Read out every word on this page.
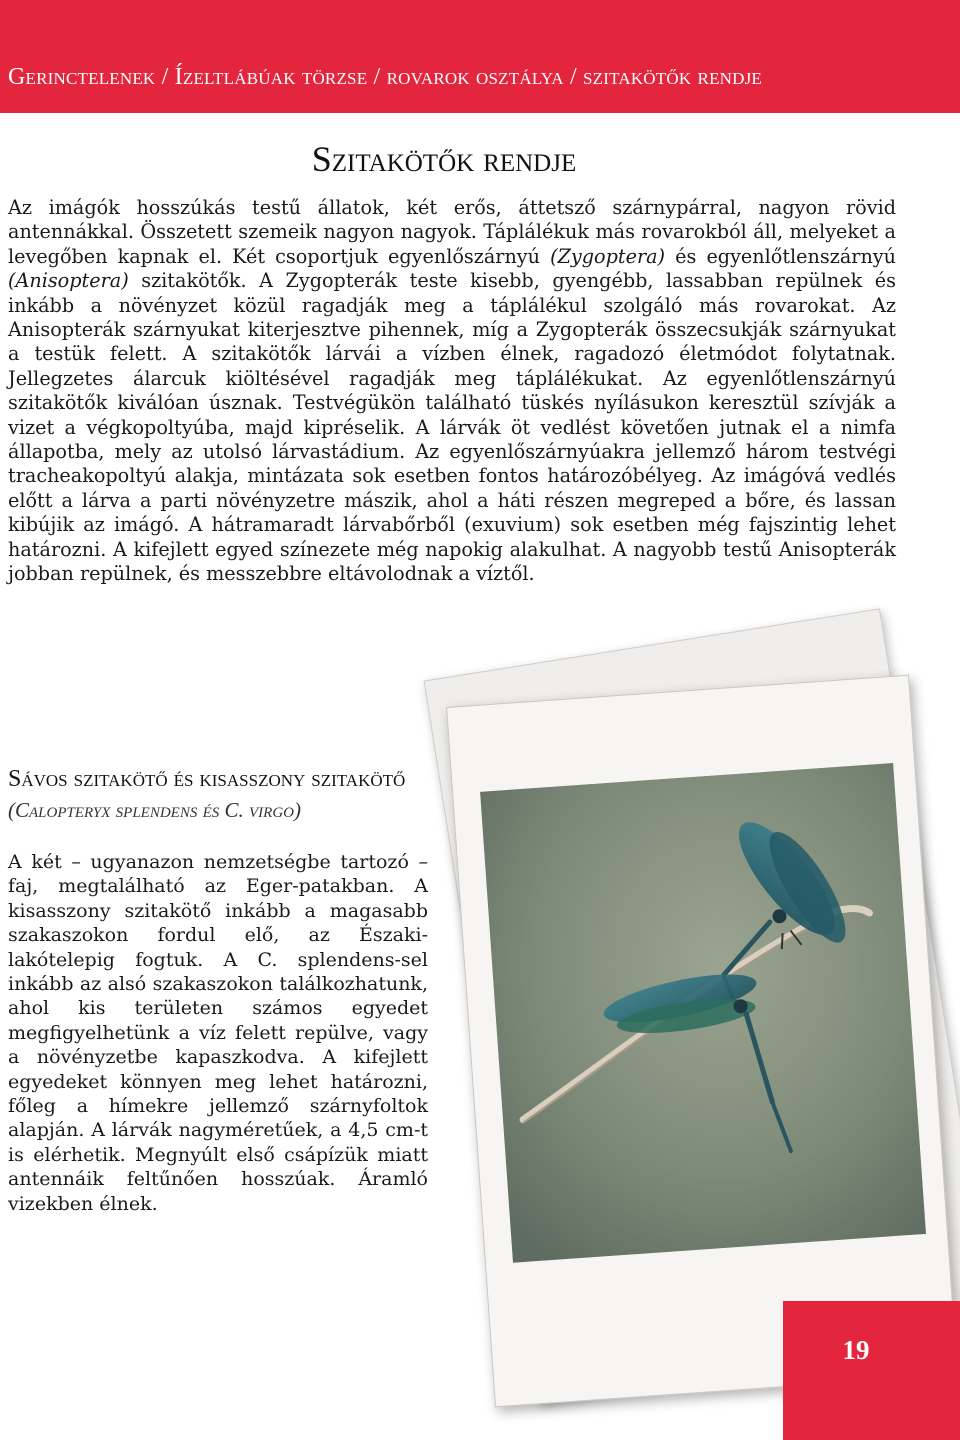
Gerinctelenek / Ízeltlábúak törzse / rovarok osztálya / szitakötők rendje
Szitakötők rendje

Az imágók hosszúkás testű állatok, két erős, áttetsző szárnypárral, nagyon rövid antennákkal. Összetett szemeik nagyon nagyok. Táplálékuk más rovarokból áll, melyeket a levegőben kapnak el. Két csoportjuk egyenlőszárnyú (Zygoptera) és egyenlőtlenszárnyú (Anisoptera) szitakötők. A Zygopterák teste kisebb, gyengébb, lassabban repülnek és inkább a növényzet közül ragadják meg a táplálékul szolgáló más rovarokat. Az Anisopterák szárnyukat kiterjesztve pihennek, míg a Zygopterák összecsukják szárnyukat a testük felett. A szitakötők lárvái a vízben élnek, ragadozó életmódot folytatnak. Jellegzetes álarcuk kiöltésével ragadják meg táplálékukat. Az egyenlőtlenszárnyú szitakötők kiválóan úsznak. Testvégükön található tüskés nyílásukon keresztül szívják a vizet a végkopoltyúba, majd kipréselik. A lárvák öt vedlést követően jutnak el a nimfa állapotba, mely az utolsó lárvastádium. Az egyenlőszárnyúakra jellemző három testvégi tracheakopoltyú alakja, mintázata sok esetben fontos határozóbélyeg. Az imágóvá vedlés előtt a lárva a parti növényzetre mászik, ahol a háti részen megreped a bőre, és lassan kibújik az imágó. A hátramaradt lárvabőrből (exuvium) sok esetben még fajszintig lehet határozni. A kifejlett egyed színezete még napokig alakulhat. A nagyobb testű Anisopterák jobban repülnek, és messzebbre eltávolodnak a víztől.

Sávos szitakötő és kisasszony szitakötő
(Calopteryx splendens és C. virgo)

A két – ugyanazon nemzetségbe tartozó – faj, megtalálható az Eger-patakban. A kisasszony szitakötő inkább a magasabb szakaszokon fordul elő, az Északi-lakótelepig fogtuk. A C. splendens-sel inkább az alsó szakaszokon találkozhatunk, ahol kis területen számos egyedet megfigyelhetünk a víz felett repülve, vagy a növényzetbe kapaszkodva. A kifejlett egyedeket könnyen meg lehet határozni, főleg a hímekre jellemző szárnyfoltok alapján. A lárvák nagyméretűek, a 4,5 cm-t is elérhetik. Megnyúlt első csápízük miatt antennáik feltűnően hosszúak. Áramló vizekben élnek.

19
